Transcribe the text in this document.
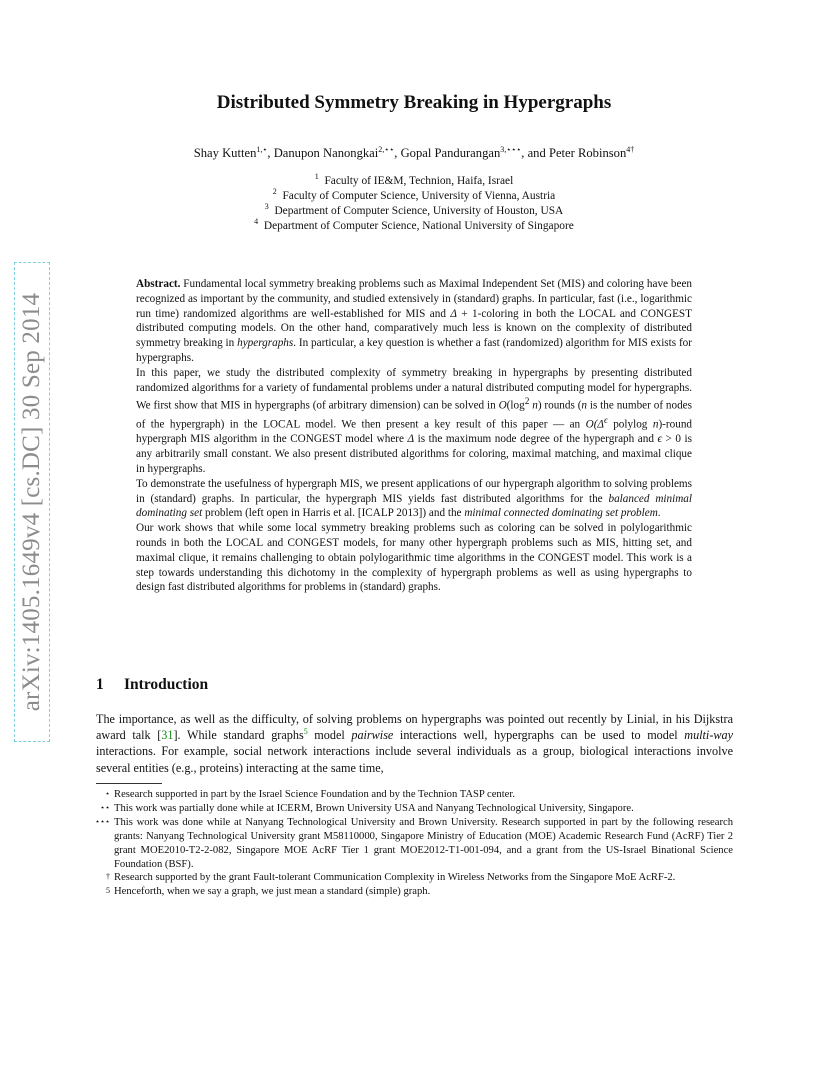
arXiv:1405.1649v4 [cs.DC] 30 Sep 2014
Distributed Symmetry Breaking in Hypergraphs
Shay Kutten$^{1,⋆}$, Danupon Nanongkai$^{2,⋆⋆}$, Gopal Pandurangan$^{3,⋆⋆⋆}$, and Peter Robinson$^{4\dagger}$
$^1$ Faculty of IE&M, Technion, Haifa, Israel
$^2$ Faculty of Computer Science, University of Vienna, Austria
$^3$ Department of Computer Science, University of Houston, USA
$^4$ Department of Computer Science, National University of Singapore

Abstract. Fundamental local symmetry breaking problems such as Maximal Independent Set (MIS) and coloring have been recognized as important by the community, and studied extensively in (standard) graphs. In particular, fast (i.e., logarithmic run time) randomized algorithms are well-established for MIS and Δ + 1-coloring in both the LOCAL and CONGEST distributed computing models. On the other hand, comparatively much less is known on the complexity of distributed symmetry breaking in hypergraphs. In particular, a key question is whether a fast (randomized) algorithm for MIS exists for hypergraphs.

In this paper, we study the distributed complexity of symmetry breaking in hypergraphs by presenting distributed randomized algorithms for a variety of fundamental problems under a natural distributed computing model for hypergraphs. We first show that MIS in hypergraphs (of arbitrary dimension) can be solved in $O(\log^2$ n) rounds (n is the number of nodes of the hypergraph) in the LOCAL model. We then present a key result of this paper — an $O(\Delta^\epsilon$ polylog n)-round hypergraph MIS algorithm in the CONGEST model where Δ is the maximum node degree of the hypergraph and ϵ > 0 is any arbitrarily small constant. We also present distributed algorithms for coloring, maximal matching, and maximal clique in hypergraphs.

To demonstrate the usefulness of hypergraph MIS, we present applications of our hypergraph algorithm to solving problems in (standard) graphs. In particular, the hypergraph MIS yields fast distributed algorithms for the balanced minimal dominating set problem (left open in Harris et al. [ICALP 2013]) and the minimal connected dominating set problem.

Our work shows that while some local symmetry breaking problems such as coloring can be solved in polylogarithmic rounds in both the LOCAL and CONGEST models, for many other hypergraph problems such as MIS, hitting set, and maximal clique, it remains challenging to obtain polylogarithmic time algorithms in the CONGEST model. This work is a step towards understanding this dichotomy in the complexity of hypergraph problems as well as using hypergraphs to design fast distributed algorithms for problems in (standard) graphs.

1 Introduction

The importance, as well as the difficulty, of solving problems on hypergraphs was pointed out recently by Linial, in his Dijkstra award talk [31]. While standard graphs$^5$ model pairwise interactions well, hypergraphs can be used to model multi-way interactions. For example, social network interactions include several individuals as a group, biological interactions involve several entities (e.g., proteins) interacting at the same time,

⋆ Research supported in part by the Israel Science Foundation and by the Technion TASP center.
⋆⋆ This work was partially done while at ICERM, Brown University USA and Nanyang Technological University, Singapore.
⋆⋆⋆ This work was done while at Nanyang Technological University and Brown University. Research supported in part by the following research grants: Nanyang Technological University grant M58110000, Singapore Ministry of Education (MOE) Academic Research Fund (AcRF) Tier 2 grant MOE2010-T2-2-082, Singapore MOE AcRF Tier 1 grant MOE2012-T1-001-094, and a grant from the US-Israel Binational Science Foundation (BSF).
† Research supported by the grant Fault-tolerant Communication Complexity in Wireless Networks from the Singapore MoE AcRF-2.
5 Henceforth, when we say a graph, we just mean a standard (simple) graph.
